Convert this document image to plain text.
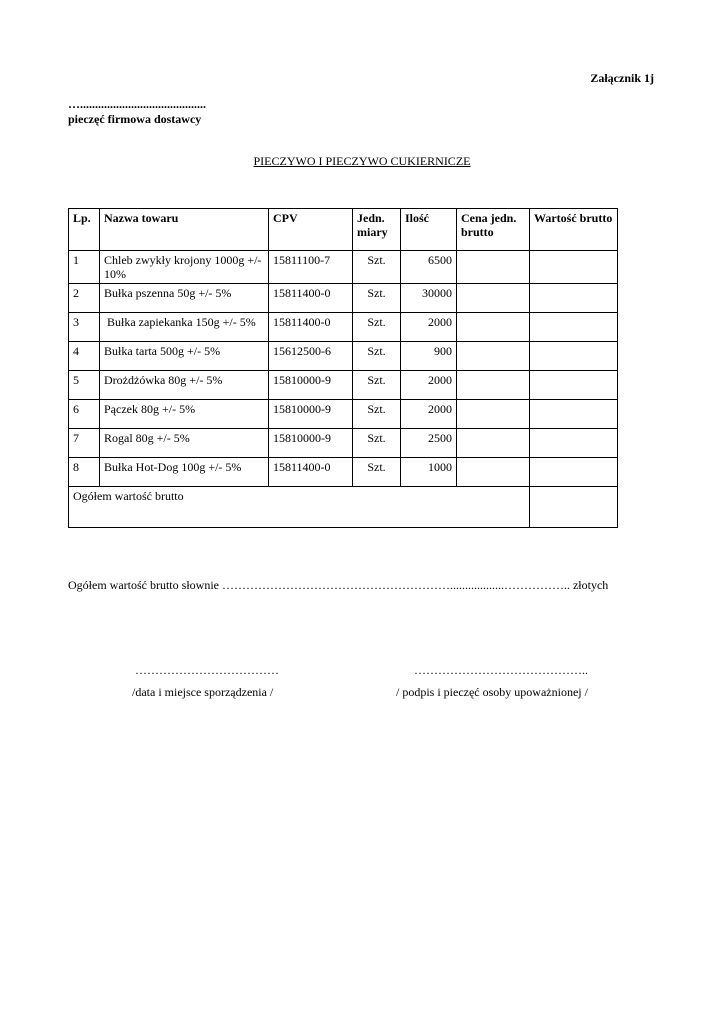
Załącznik 1j
…..........................................
pieczęć firmowa dostawcy
PIECZYWO I PIECZYWO CUKIERNICZE
Lp.	Nazwa towaru	CPV	Jedn. miary	Ilość	Cena jedn. brutto	Wartość brutto
1	Chleb zwykły krojony 1000g +/- 10%	15811100-7	Szt.	6500		
2	Bułka pszenna 50g +/- 5%	15811400-0	Szt.	30000		
3	Bułka zapiekanka 150g +/- 5%	15811400-0	Szt.	2000		
4	Bułka tarta 500g +/- 5%	15612500-6	Szt.	900		
5	Drożdżówka 80g +/- 5%	15810000-9	Szt.	2000		
6	Pączek 80g +/- 5%	15810000-9	Szt.	2000		
7	Rogal 80g +/- 5%	15810000-9	Szt.	2500		
8	Bułka Hot-Dog 100g +/- 5%	15811400-0	Szt.	1000		
Ogółem wartość brutto						
Ogółem wartość brutto słownie …………………………………………………..................…………….. złotych
………………………………	……………………………………..
/data i miejsce sporządzenia /	/ podpis i pieczęć osoby upoważnionej /
